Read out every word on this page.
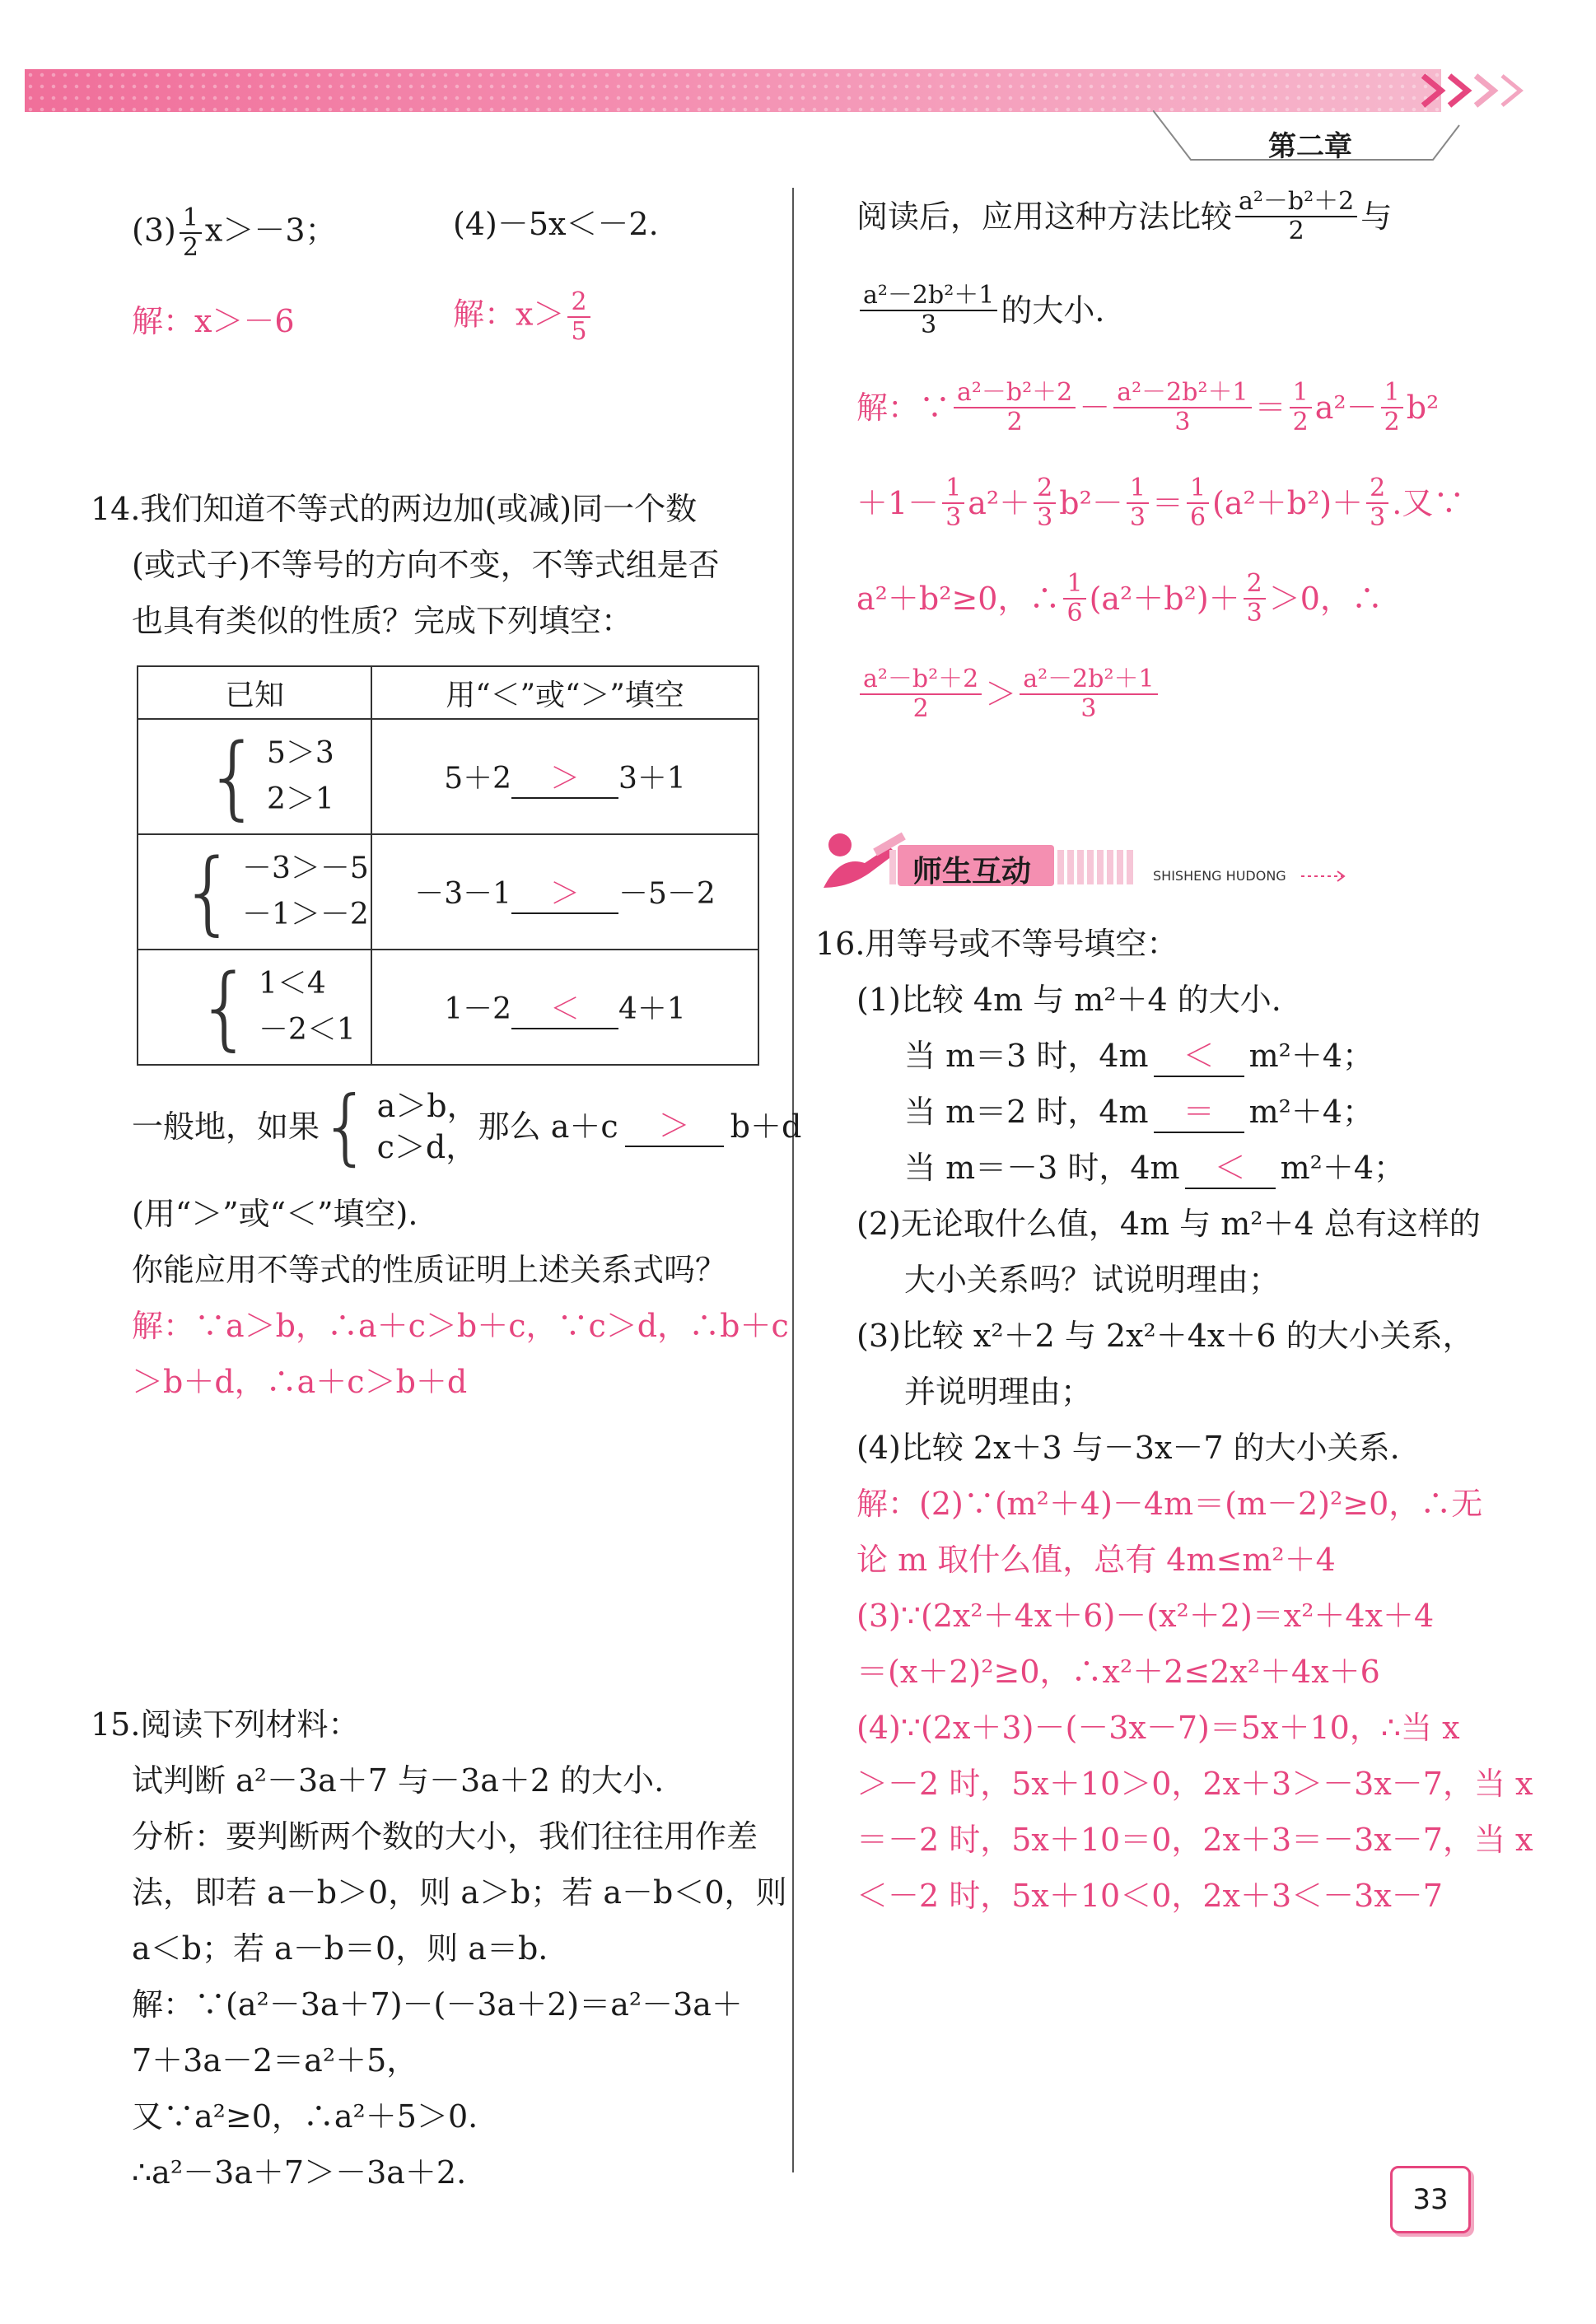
第二章
$(3) \frac{1}{2} x>-3$；	(4)－5x＜－2.
解：x＞－6	解：$x> \frac{2}{5}$
14.我们知道不等式的两边加(或减)同一个数
(或式子)不等号的方向不变，不等式组是否
也具有类似的性质？完成下列填空：
已知	用“＜”或“＞”填空

{ 5＞3
2＞1	5＋2 ＞ 3＋1

{ －3＞－5
－1＞－2	－3－1 ＞ －5－2

{ 1＜4
－2＜1	1－2 ＜ 4＋1
一般地，如果 { a＞b，
c＞d，
那么 a＋c	＞	b＋d
(用“＞”或“＜”填空).
你能应用不等式的性质证明上述关系式吗？
解：∵a＞b，∴a＋c＞b＋c，∵c＞d，∴b＋c
＞b＋d，∴a＋c＞b＋d
15.阅读下列材料：
试判断 a²－3a＋7 与－3a＋2 的大小.
分析：要判断两个数的大小，我们往往用作差
法，即若 a－b＞0，则 a＞b；若 a－b＜0，则
a＜b；若 a－b＝0，则 a＝b.
解：∵(a²－3a＋7)－(－3a＋2)＝a²－3a＋
7＋3a－2＝a²＋5，
又∵a²≥0，∴a²＋5＞0.
∴a²－3a＋7＞－3a＋2.
阅读后，应用这种方法比较 $\frac{\text{a²－b²＋2}}{2}$ 与
$\frac{\text{a²－2b²＋1}}{3}$ 的大小.
解：∵ $\frac{\text{a²－b²＋2}}{2} - \frac{\text{a²－2b²＋1}}{3} = \frac{1}{2} a^2- \frac{1}{2} b^2$
$+1- \frac{1}{3} a^2+ \frac{2}{3} b^2- \frac{1}{3} = \frac{1}{6} (a^2+b^2)+ \frac{2}{3}$ .又∵
a²＋b²≥0，∴ $\frac{1}{6} (a^2+b^2)+ \frac{2}{3} >0$，∴
$\frac{\text{a²－b²＋2}}{2} > \frac{\text{a²－2b²＋1}}{3}$
师生互动	SHISHENG HUDONG
16.用等号或不等号填空：
(1)比较 4m 与 m²＋4 的大小.
当 m＝3 时，4m ＜ m²＋4；
当 m＝2 时，4m ＝ m²＋4；
当 m＝－3 时，4m ＜ m²＋4；
(2)无论取什么值，4m 与 m²＋4 总有这样的
大小关系吗？试说明理由；
(3)比较 x²＋2 与 2x²＋4x＋6 的大小关系，
并说明理由；
(4)比较 2x＋3 与－3x－7 的大小关系.
解：(2)∵(m²＋4)－4m＝(m－2)²≥0，∴无
论 m 取什么值，总有 4m≤m²＋4
(3)∵(2x²＋4x＋6)－(x²＋2)＝x²＋4x＋4
＝(x＋2)²≥0，∴x²＋2≤2x²＋4x＋6
(4)∵(2x＋3)－(－3x－7)＝5x＋10，∴当 x
＞－2 时，5x＋10＞0，2x＋3＞－3x－7，当 x
＝－2 时，5x＋10＝0，2x＋3＝－3x－7，当 x
＜－2 时，5x＋10＜0，2x＋3＜－3x－7
33
